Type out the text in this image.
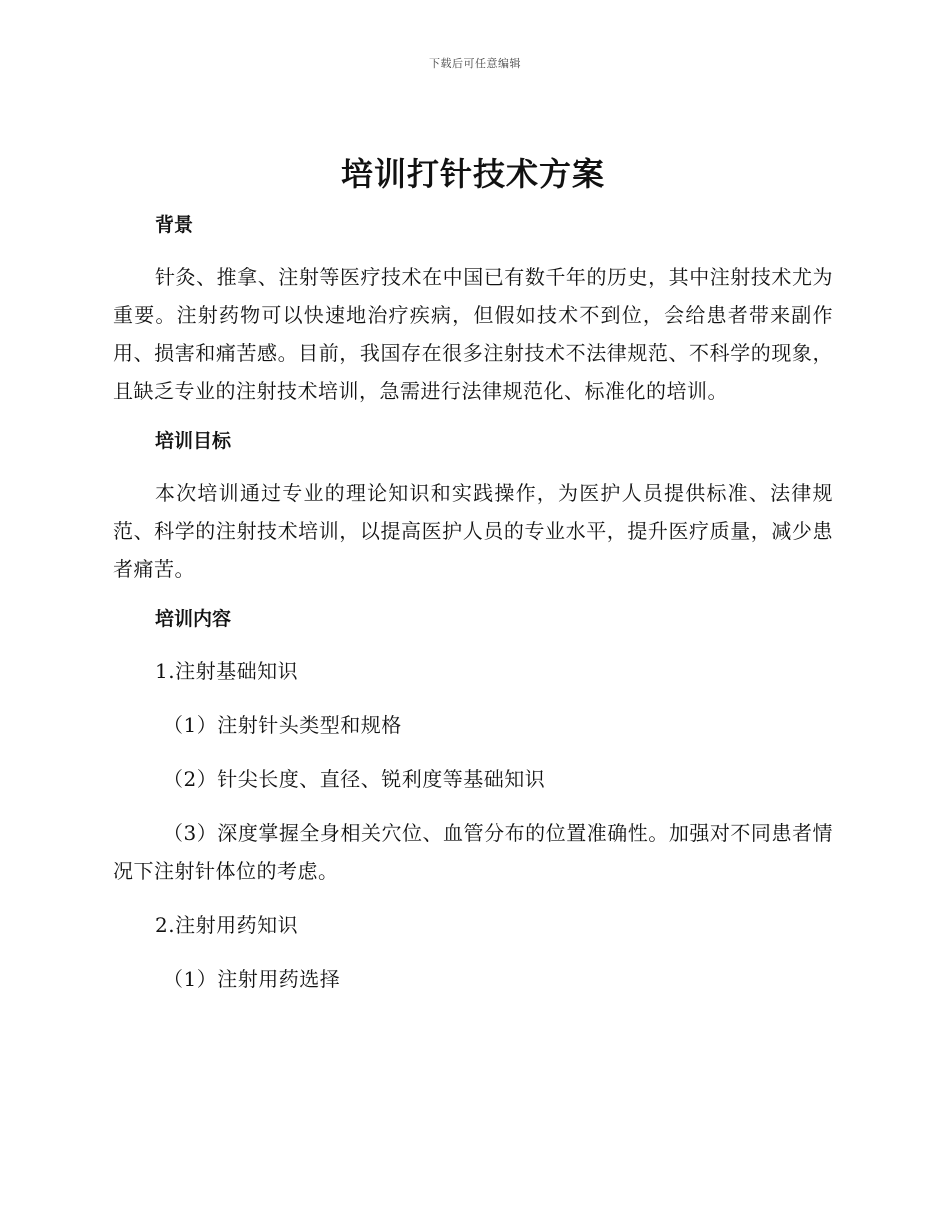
下载后可任意编辑
培训打针技术方案
背景

针灸、推拿、注射等医疗技术在中国已有数千年的历史，其中注射技术尤为重要。注射药物可以快速地治疗疾病，但假如技术不到位，会给患者带来副作用、损害和痛苦感。目前，我国存在很多注射技术不法律规范、不科学的现象，且缺乏专业的注射技术培训，急需进行法律规范化、标准化的培训。

培训目标

本次培训通过专业的理论知识和实践操作，为医护人员提供标准、法律规范、科学的注射技术培训，以提高医护人员的专业水平，提升医疗质量，减少患者痛苦。

培训内容

1.注射基础知识

（1）注射针头类型和规格

（2）针尖长度、直径、锐利度等基础知识

（3）深度掌握全身相关穴位、血管分布的位置准确性。加强对不同患者情况下注射针体位的考虑。

2.注射用药知识

（1）注射用药选择
